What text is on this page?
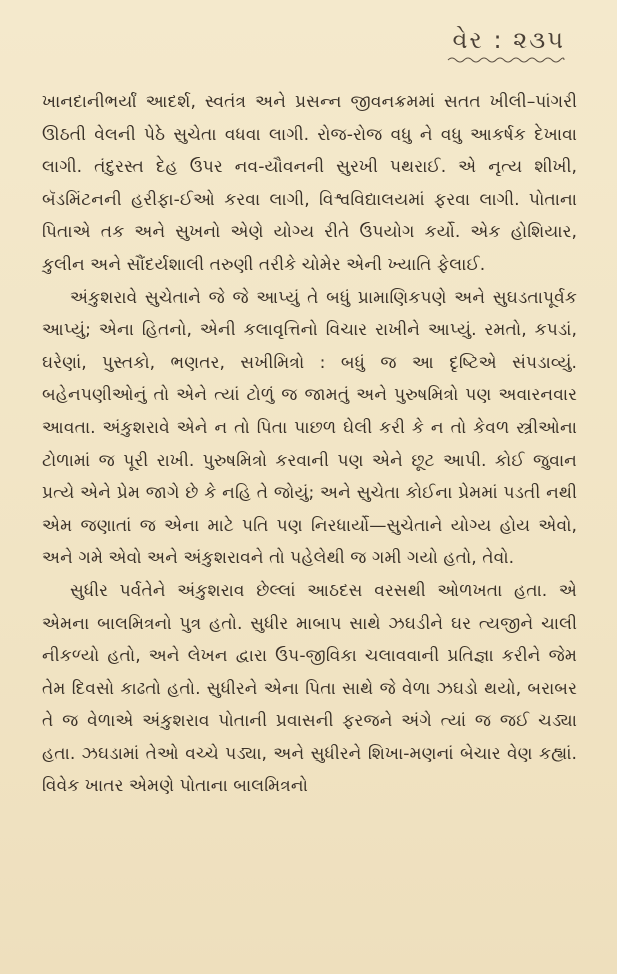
વેર : ૨૩૫

ખાનદાનીભર્યાં આદર્શ, સ્વતંત્ર અને પ્રસન્ન જીવનક્રમમાં સતત ખીલી–પાંગરી ઊઠતી વેલની પેઠે સુચેતા વધવા લાગી. રોજ-રોજ વધુ ને વધુ આકર્ષક દેખાવા લાગી. તંદુરસ્ત દેહ ઉપર નવ-યૌવનની સુરખી પથરાઈ. એ નૃત્ય શીખી, બૅડમિંટનની હરીફા-ઈઓ કરવા લાગી, વિશ્વવિદ્યાલયમાં ફરવા લાગી. પોતાના પિતાએ તક અને સુખનો એણે યોગ્ય રીતે ઉપયોગ કર્યો. એક હોશિયાર, કુલીન અને સૌંદર્યશાલી તરુણી તરીકે ચોમેર એની ખ્યાતિ ફેલાઈ.

અંકુશરાવે સુચેતાને જે જે આપ્યું તે બધું પ્રામાણિકપણે અને સુઘડતાપૂર્વક આપ્યું; એના હિતનો, એની કલાવૃત્તિનો વિચાર રાખીને આપ્યું. રમતો, કપડાં, ઘરેણાં, પુસ્તકો, ભણતર, સખીમિત્રો : બધું જ આ દૃષ્ટિએ સંપડાવ્યું. બહેનપણીઓનું તો એને ત્યાં ટોળું જ જામતું અને પુરુષમિત્રો પણ અવારનવાર આવતા. અંકુશરાવે એને ન તો પિતા પાછળ ઘેલી કરી કે ન તો કેવળ સ્ત્રીઓના ટોળામાં જ પૂરી રાખી. પુરુષમિત્રો કરવાની પણ એને છૂટ આપી. કોઈ જુવાન પ્રત્યે એને પ્રેમ જાગે છે કે નહિ તે જોયું; અને સુચેતા કોઈના પ્રેમમાં પડતી નથી એમ જણાતાં જ એના માટે પતિ પણ નિરધાર્યો—સુચેતાને યોગ્ય હોય એવો, અને ગમે એવો અને અંકુશરાવને તો પહેલેથી જ ગમી ગયો હતો, તેવો.

સુધીર પર્વતેને અંકુશરાવ છેલ્લાં આઠદસ વરસથી ઓળખતા હતા. એ એમના બાલમિત્રનો પુત્ર હતો. સુધીર માબાપ સાથે ઝઘડીને ઘર ત્યજીને ચાલી નીકળ્યો હતો, અને લેખન દ્વારા ઉપ-જીવિકા ચલાવવાની પ્રતિજ્ઞા કરીને જેમ તેમ દિવસો કાઢતો હતો. સુધીરને એના પિતા સાથે જે વેળા ઝઘડો થયો, બરાબર તે જ વેળાએ અંકુશરાવ પોતાની પ્રવાસની ફરજને અંગે ત્યાં જ જઈ ચડ્યા હતા. ઝઘડામાં તેઓ વચ્ચે પડ્યા, અને સુધીરને શિખા-મણનાં બેચાર વેણ કહ્યાં. વિવેક ખાતર એમણે પોતાના બાલમિત્રનો
